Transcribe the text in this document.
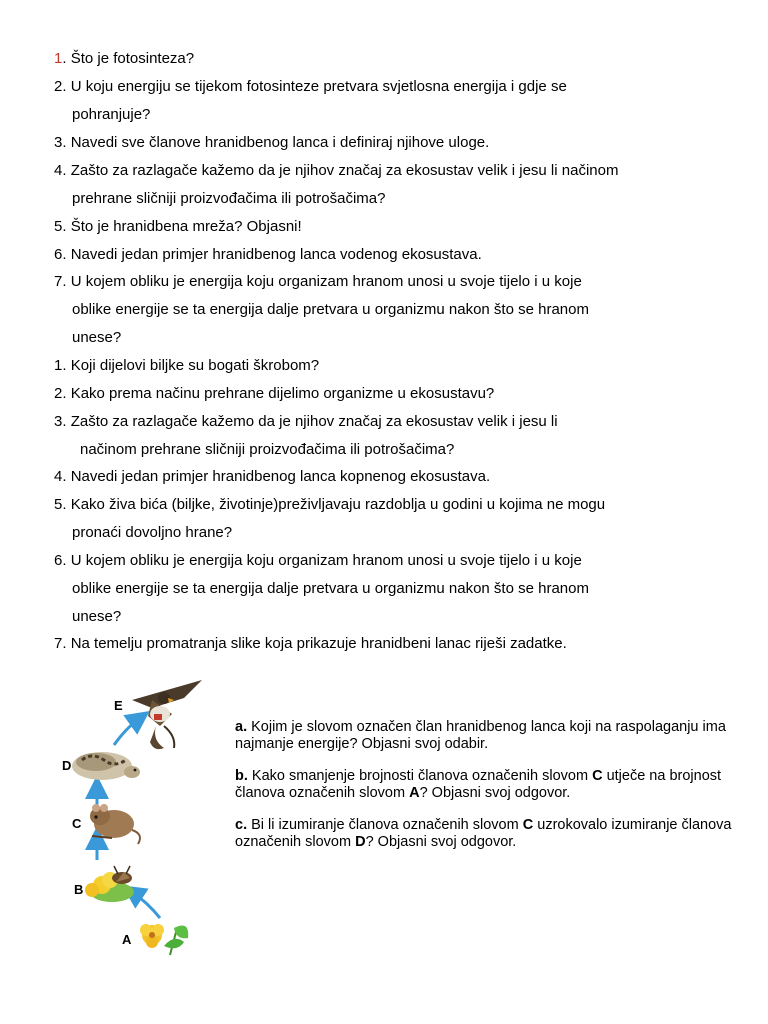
1. Što je fotosinteza?
2. U koju energiju se tijekom fotosinteze pretvara svjetlosna energija i gdje se
pohranjuje?
3. Navedi sve članove hranidbenog lanca i definiraj njihove uloge.
4. Zašto za razlagače kažemo da je njihov značaj za ekosustav velik i jesu li načinom
prehrane sličniji proizvođačima ili potrošačima?
5. Što je hranidbena mreža? Objasni!
6. Navedi jedan primjer hranidbenog lanca vodenog ekosustava.
7. U kojem obliku je energija koju organizam hranom unosi u svoje tijelo i u koje
oblike energije se ta energija dalje pretvara u organizmu nakon što se hranom
unese?
1. Koji dijelovi biljke su bogati škrobom?
2. Kako prema načinu prehrane dijelimo organizme u ekosustavu?
3. Zašto za razlagače kažemo da je njihov značaj za ekosustav velik i jesu li
načinom prehrane sličniji proizvođačima ili potrošačima?
4. Navedi jedan primjer hranidbenog lanca kopnenog ekosustava.
5. Kako živa bića (biljke, životinje)preživljavaju razdoblja u godini u kojima ne mogu
pronaći dovoljno hrane?
6. U kojem obliku je energija koju organizam hranom unosi u svoje tijelo i u koje
oblike energije se ta energija dalje pretvara u organizmu nakon što se hranom
unese?
7. Na temelju promatranja slike koja prikazuje hranidbeni lanac riješi zadatke.
A
B
C
D
E
a. Kojim je slovom označen član hranidbenog lanca koji na raspolaganju ima najmanje energije? Objasni svoj odabir.
b. Kako smanjenje brojnosti članova označenih slovom C utječe na brojnost članova označenih slovom A? Objasni svoj odgovor.
c. Bi li izumiranje članova označenih slovom C uzrokovalo izumiranje članova označenih slovom D? Objasni svoj odgovor.
